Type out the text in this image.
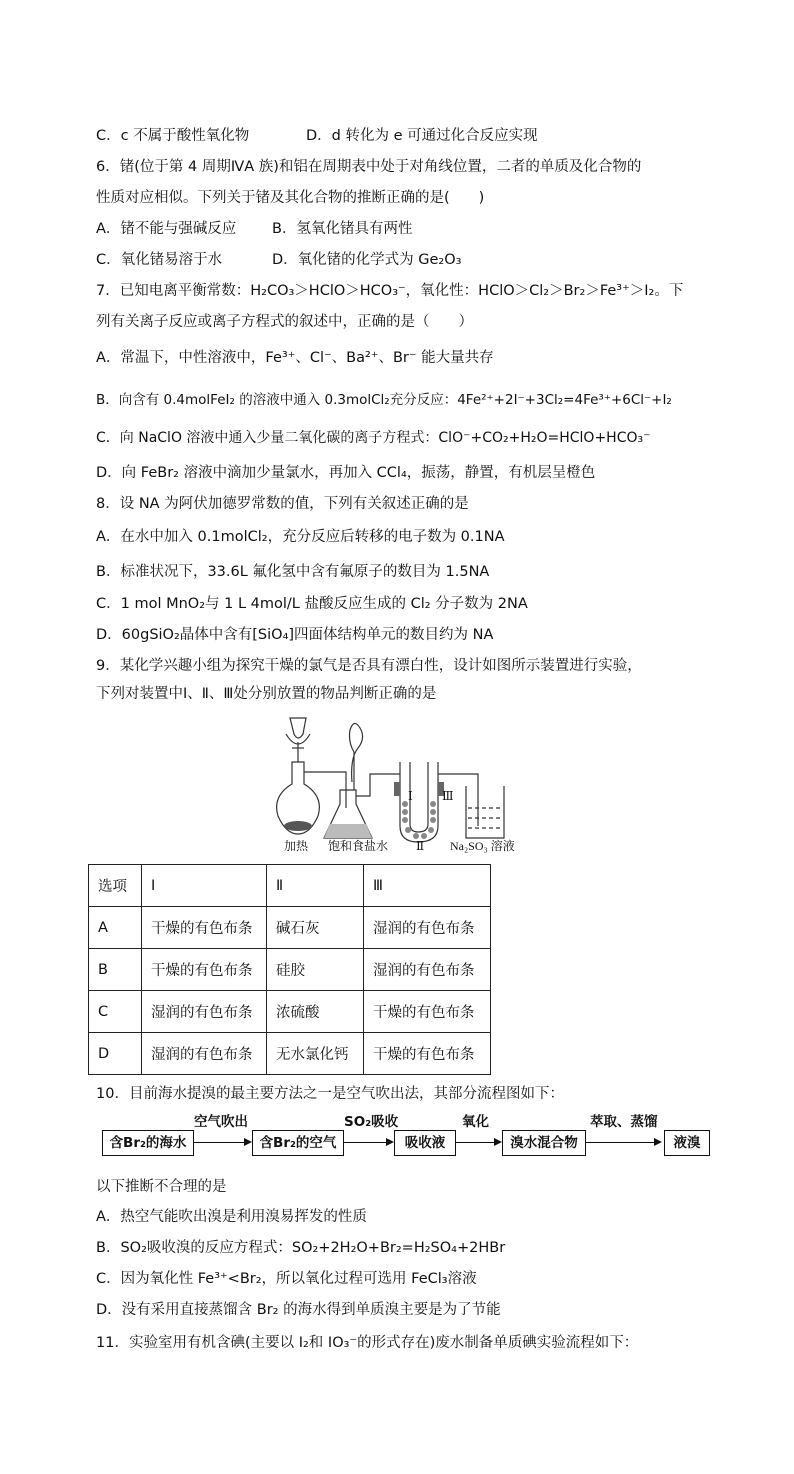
C．c 不属于酸性氧化物	D．d 转化为 e 可通过化合反应实现
6．锗(位于第 4 周期ⅣA 族)和铝在周期表中处于对角线位置，二者的单质及化合物的
性质对应相似。下列关于锗及其化合物的推断正确的是(　　)
A．锗不能与强碱反应 B．氢氧化锗具有两性
C．氧化锗易溶于水	D．氧化锗的化学式为 Ge₂O₃
7．已知电离平衡常数：H₂CO₃＞HClO＞HCO₃⁻，氧化性：HClO＞Cl₂＞Br₂＞Fe³⁺＞I₂。下
列有关离子反应或离子方程式的叙述中，正确的是（　　）
A．常温下，中性溶液中，Fe³⁺、Cl⁻、Ba²⁺、Br⁻ 能大量共存
B．向含有 0.4molFeI₂ 的溶液中通入 0.3molCl₂充分反应：4Fe²⁺+2I⁻+3Cl₂=4Fe³⁺+6Cl⁻+I₂
C．向 NaClO 溶液中通入少量二氧化碳的离子方程式：ClO⁻+CO₂+H₂O=HClO+HCO₃⁻
D．向 FeBr₂ 溶液中滴加少量氯水，再加入 CCl₄，振荡，静置，有机层呈橙色
8．设 NA 为阿伏加德罗常数的值，下列有关叙述正确的是
A．在水中加入 0.1molCl₂，充分反应后转移的电子数为 0.1NA
B．标准状况下，33.6L 氟化氢中含有氟原子的数目为 1.5NA
C．1 mol MnO₂与 1 L 4mol/L 盐酸反应生成的 Cl₂ 分子数为 2NA
D．60gSiO₂晶体中含有[SiO₄]四面体结构单元的数目约为 NA
9．某化学兴趣小组为探究干燥的氯气是否具有漂白性，设计如图所示装置进行实验，
下列对装置中Ⅰ、Ⅱ、Ⅲ处分别放置的物品判断正确的是
加热 饱和食盐水 Ⅱ
Ⅰ Ⅲ
Na₂SO₃ 溶液
选项	Ⅰ	Ⅱ	Ⅲ
A	干燥的有色布条	碱石灰	湿润的有色布条
B	干燥的有色布条	硅胶	湿润的有色布条
C	湿润的有色布条	浓硫酸	干燥的有色布条
D	湿润的有色布条	无水氯化钙	干燥的有色布条
10．目前海水提溴的最主要方法之一是空气吹出法，其部分流程图如下：
含Br₂的海水
空气吹出
含Br₂的空气
SO₂吸收
吸收液
氧化
溴水混合物
萃取、蒸馏
液溴
以下推断不合理的是
A．热空气能吹出溴是利用溴易挥发的性质
B．SO₂吸收溴的反应方程式：SO₂+2H₂O+Br₂=H₂SO₄+2HBr
C．因为氧化性 Fe³⁺<Br₂，所以氧化过程可选用 FeCl₃溶液
D．没有采用直接蒸馏含 Br₂ 的海水得到单质溴主要是为了节能
11．实验室用有机含碘(主要以 I₂和 IO₃⁻的形式存在)废水制备单质碘实验流程如下：
